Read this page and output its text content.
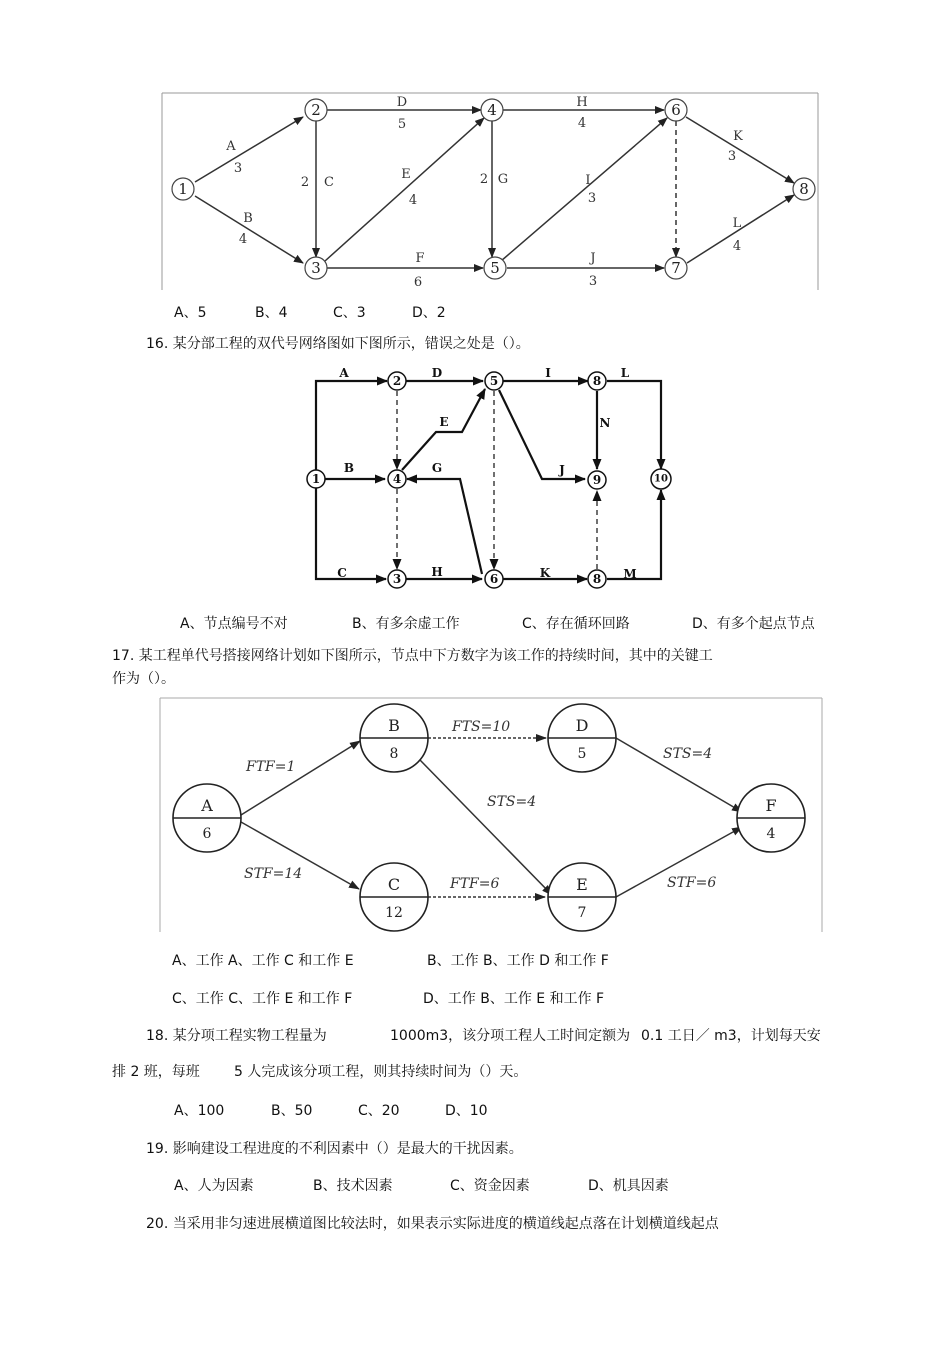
1
2
3
4
5
6
7
8
A
3
B
4
D
5
2 C
E
4
F
6
H
4
2 G	I
3
J
3
K
3
L
4
A、5	B、4	C、3	D、2
16. 某分部工程的双代号网络图如下图所示，错误之处是（）。
1
2
3
4
5
6
8
9
8
10
A	D	I	L
B	G
E
J
N
C	H	K	M
A、节点编号不对	B、有多余虚工作	C、存在循环回路	D、有多个起点节点
17. 某工程单代号搭接网络计划如下图所示，节点中下方数字为该工作的持续时间，其中的关键工
作为（）。
A
6
B
8
C
12
D
5
E
7
F
4
FTF=1
STF=14
FTS=10
STS=4
FTF=6
STS=4
STF=6
A、工作 A、工作 C 和工作 E	B、工作 B、工作 D 和工作 F
C、工作 C、工作 E 和工作 F	D、工作 B、工作 E 和工作 F
18. 某分项工程实物工程量为	1000m3，该分项工程人工时间定额为 0.1 工日／ m3，计划每天安
排 2 班，每班 5 人完成该分项工程，则其持续时间为（）天。
A、100	B、50	C、20	D、10
19. 影响建设工程进度的不利因素中（）是最大的干扰因素。
A、人为因素	B、技术因素	C、资金因素	D、机具因素
20. 当采用非匀速进展横道图比较法时，如果表示实际进度的横道线起点落在计划横道线起点
